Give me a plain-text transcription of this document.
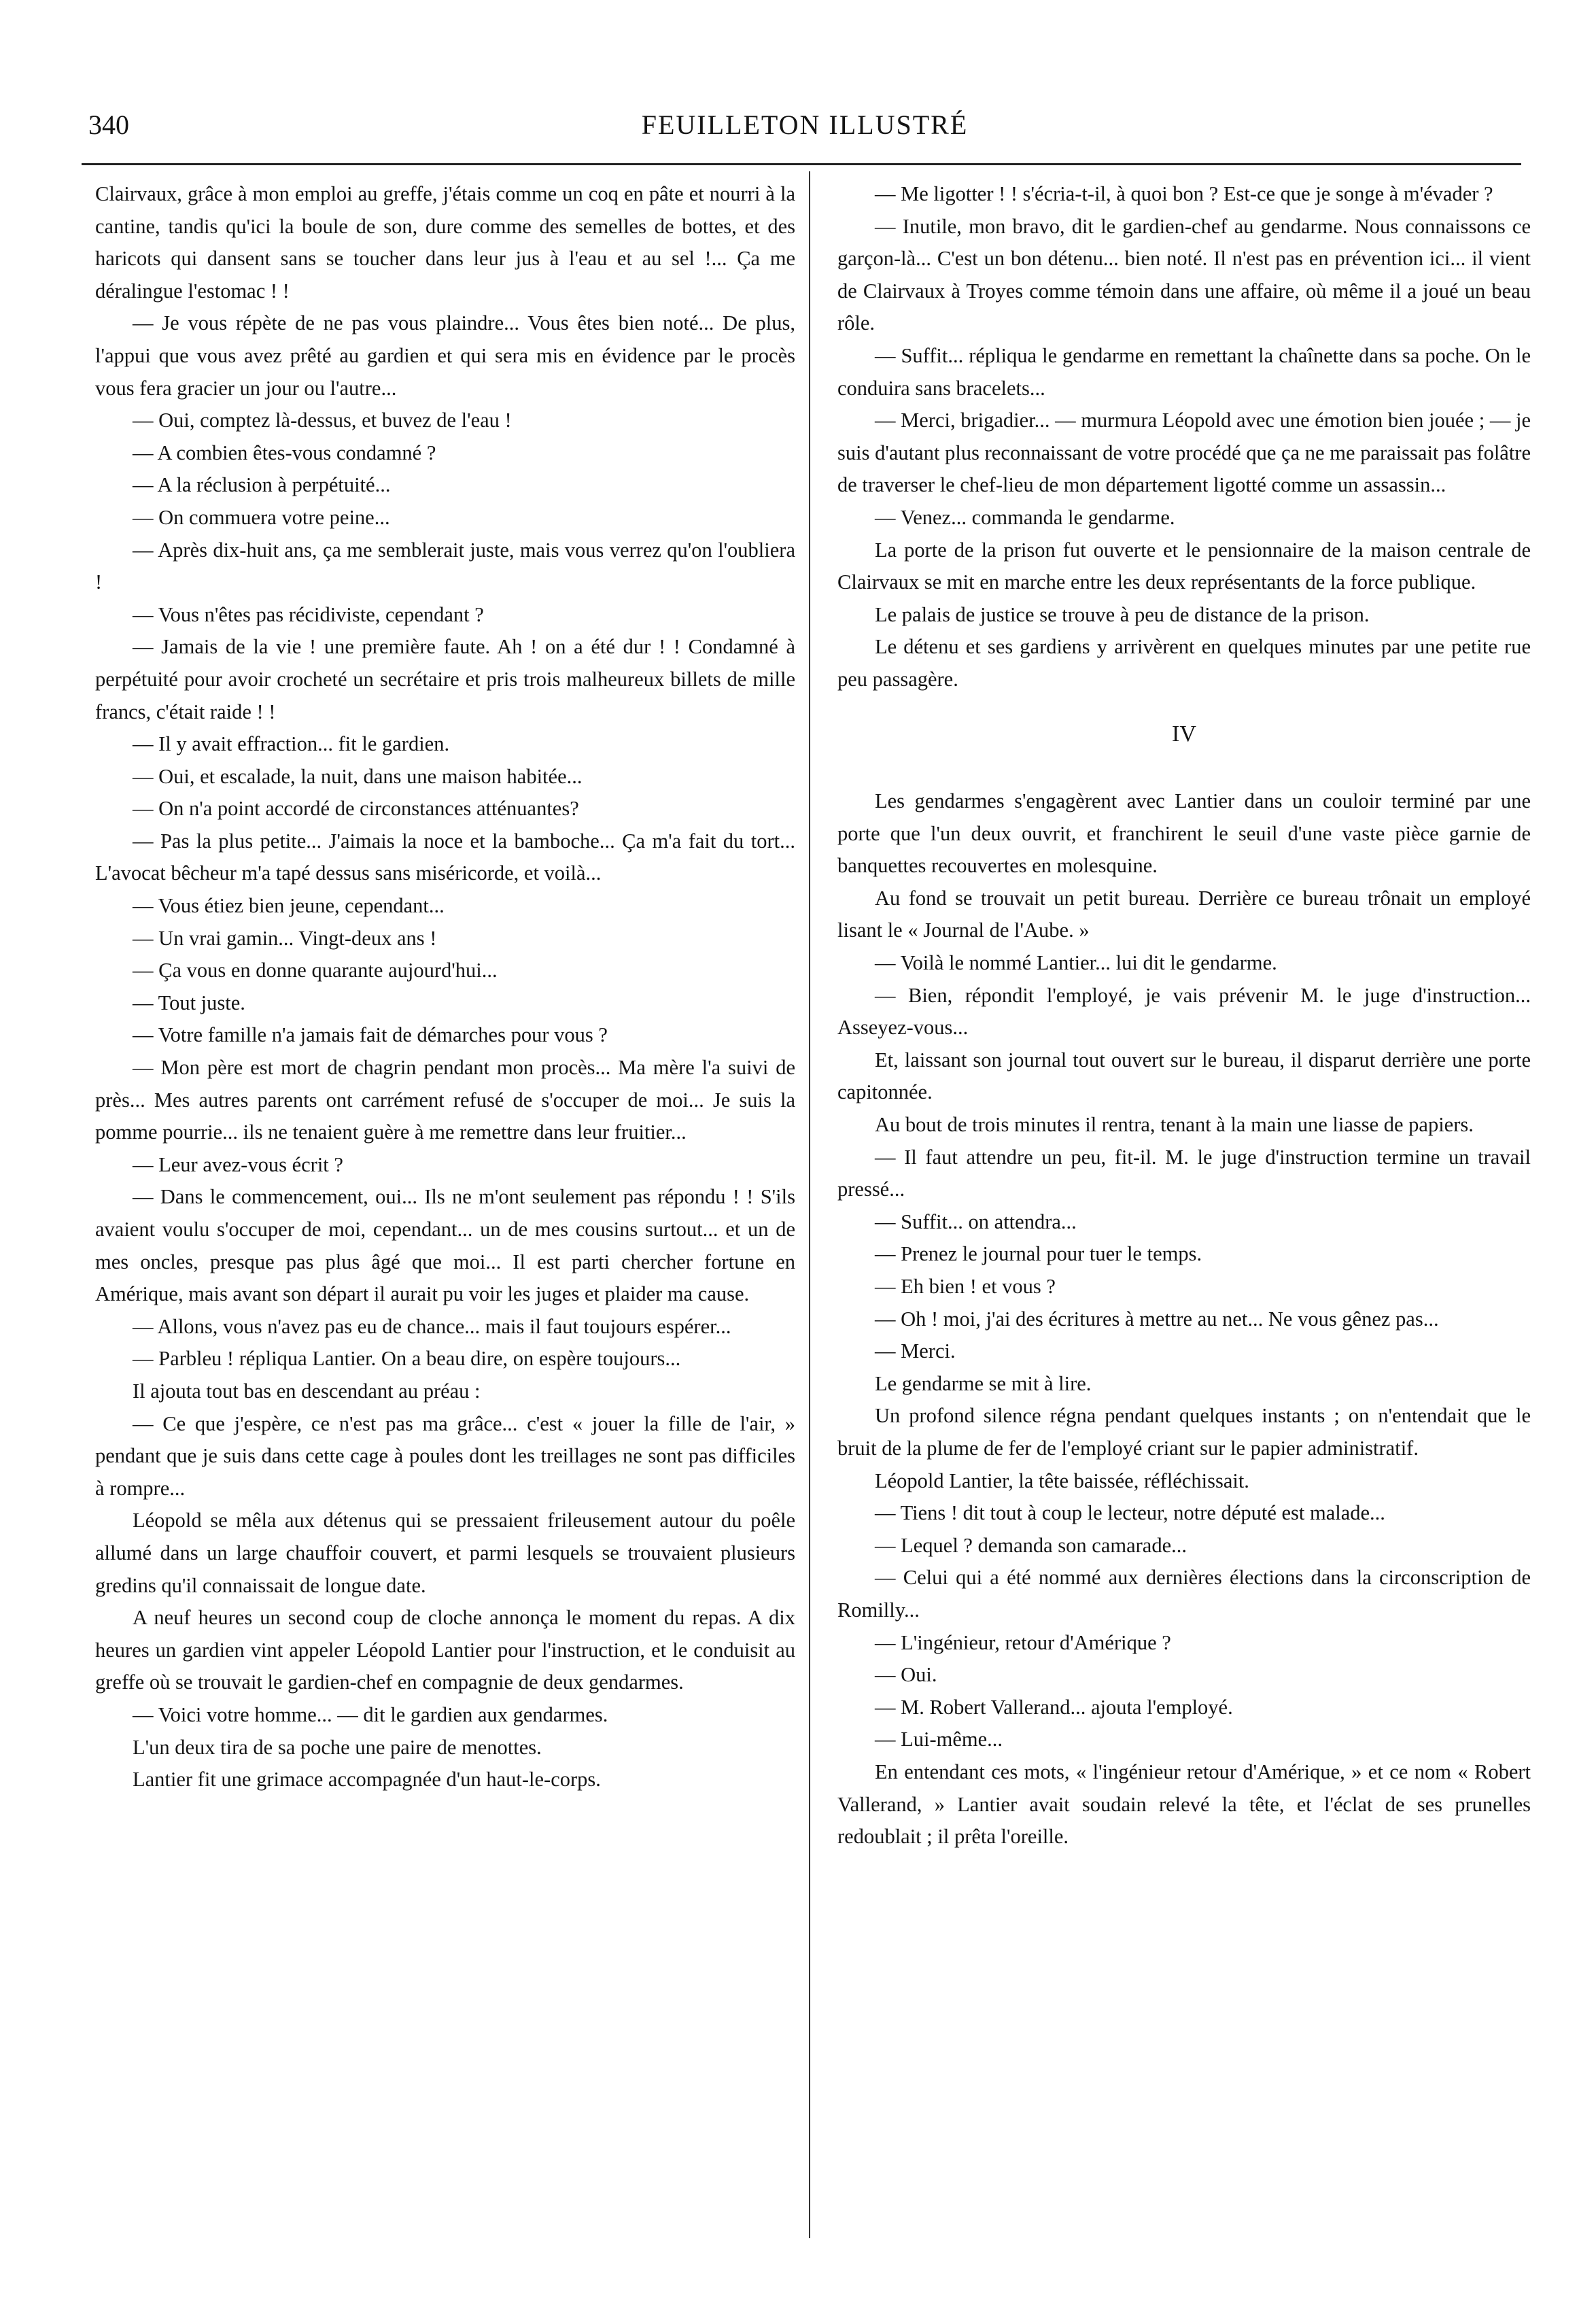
340	FEUILLETON ILLUSTRÉ

Clairvaux, grâce à mon emploi au greffe, j'étais comme un coq en pâte et nourri à la cantine, tandis qu'ici la boule de son, dure comme des semelles de bottes, et des haricots qui dansent sans se toucher dans leur jus à l'eau et au sel !... Ça me déralingue l'estomac ! !

— Je vous répète de ne pas vous plaindre... Vous êtes bien noté... De plus, l'appui que vous avez prêté au gardien et qui sera mis en évidence par le procès vous fera gracier un jour ou l'autre...

— Oui, comptez là-dessus, et buvez de l'eau !

— A combien êtes-vous condamné ?

— A la réclusion à perpétuité...

— On commuera votre peine...

— Après dix-huit ans, ça me semblerait juste, mais vous verrez qu'on l'oubliera !

— Vous n'êtes pas récidiviste, cependant ?

— Jamais de la vie ! une première faute. Ah ! on a été dur ! ! Condamné à perpétuité pour avoir crocheté un secrétaire et pris trois malheureux billets de mille francs, c'était raide ! !

— Il y avait effraction... fit le gardien.

— Oui, et escalade, la nuit, dans une maison habitée...

— On n'a point accordé de circonstances atténuantes?

— Pas la plus petite... J'aimais la noce et la bamboche... Ça m'a fait du tort... L'avocat bêcheur m'a tapé dessus sans miséricorde, et voilà...

— Vous étiez bien jeune, cependant...

— Un vrai gamin... Vingt-deux ans !

— Ça vous en donne quarante aujourd'hui...

— Tout juste.

— Votre famille n'a jamais fait de démarches pour vous ?

— Mon père est mort de chagrin pendant mon procès... Ma mère l'a suivi de près... Mes autres parents ont carrément refusé de s'occuper de moi... Je suis la pomme pourrie... ils ne tenaient guère à me remettre dans leur fruitier...

— Leur avez-vous écrit ?

— Dans le commencement, oui... Ils ne m'ont seulement pas répondu ! ! S'ils avaient voulu s'occuper de moi, cependant... un de mes cousins surtout... et un de mes oncles, presque pas plus âgé que moi... Il est parti chercher fortune en Amérique, mais avant son départ il aurait pu voir les juges et plaider ma cause.

— Allons, vous n'avez pas eu de chance... mais il faut toujours espérer...

— Parbleu ! répliqua Lantier. On a beau dire, on espère toujours...

Il ajouta tout bas en descendant au préau :

— Ce que j'espère, ce n'est pas ma grâce... c'est « jouer la fille de l'air, » pendant que je suis dans cette cage à poules dont les treillages ne sont pas difficiles à rompre...

Léopold se mêla aux détenus qui se pressaient frileusement autour du poêle allumé dans un large chauffoir couvert, et parmi lesquels se trouvaient plusieurs gredins qu'il connaissait de longue date.

A neuf heures un second coup de cloche annonça le moment du repas. A dix heures un gardien vint appeler Léopold Lantier pour l'instruction, et le conduisit au greffe où se trouvait le gardien-chef en compagnie de deux gendarmes.

— Voici votre homme... — dit le gardien aux gendarmes.

L'un deux tira de sa poche une paire de menottes.

Lantier fit une grimace accompagnée d'un haut-le-corps.

— Me ligotter ! ! s'écria-t-il, à quoi bon ? Est-ce que je songe à m'évader ?

— Inutile, mon bravo, dit le gardien-chef au gendarme. Nous connaissons ce garçon-là... C'est un bon détenu... bien noté. Il n'est pas en prévention ici... il vient de Clairvaux à Troyes comme témoin dans une affaire, où même il a joué un beau rôle.

— Suffit... répliqua le gendarme en remettant la chaînette dans sa poche. On le conduira sans bracelets...

— Merci, brigadier... — murmura Léopold avec une émotion bien jouée ; — je suis d'autant plus reconnaissant de votre procédé que ça ne me paraissait pas folâtre de traverser le chef-lieu de mon département ligotté comme un assassin...

— Venez... commanda le gendarme.

La porte de la prison fut ouverte et le pensionnaire de la maison centrale de Clairvaux se mit en marche entre les deux représentants de la force publique.

Le palais de justice se trouve à peu de distance de la prison.

Le détenu et ses gardiens y arrivèrent en quelques minutes par une petite rue peu passagère.

IV

Les gendarmes s'engagèrent avec Lantier dans un couloir terminé par une porte que l'un deux ouvrit, et franchirent le seuil d'une vaste pièce garnie de banquettes recouvertes en molesquine.

Au fond se trouvait un petit bureau. Derrière ce bureau trônait un employé lisant le « Journal de l'Aube. »

— Voilà le nommé Lantier... lui dit le gendarme.

— Bien, répondit l'employé, je vais prévenir M. le juge d'instruction... Asseyez-vous...

Et, laissant son journal tout ouvert sur le bureau, il disparut derrière une porte capitonnée.

Au bout de trois minutes il rentra, tenant à la main une liasse de papiers.

— Il faut attendre un peu, fit-il. M. le juge d'instruction termine un travail pressé...

— Suffit... on attendra...

— Prenez le journal pour tuer le temps.

— Eh bien ! et vous ?

— Oh ! moi, j'ai des écritures à mettre au net... Ne vous gênez pas...

— Merci.

Le gendarme se mit à lire.

Un profond silence régna pendant quelques instants ; on n'entendait que le bruit de la plume de fer de l'employé criant sur le papier administratif.

Léopold Lantier, la tête baissée, réfléchissait.

— Tiens ! dit tout à coup le lecteur, notre député est malade...

— Lequel ? demanda son camarade...

— Celui qui a été nommé aux dernières élections dans la circonscription de Romilly...

— L'ingénieur, retour d'Amérique ?

— Oui.

— M. Robert Vallerand... ajouta l'employé.

— Lui-même...

En entendant ces mots, « l'ingénieur retour d'Amérique, » et ce nom « Robert Vallerand, » Lantier avait soudain relevé la tête, et l'éclat de ses prunelles redoublait ; il prêta l'oreille.
